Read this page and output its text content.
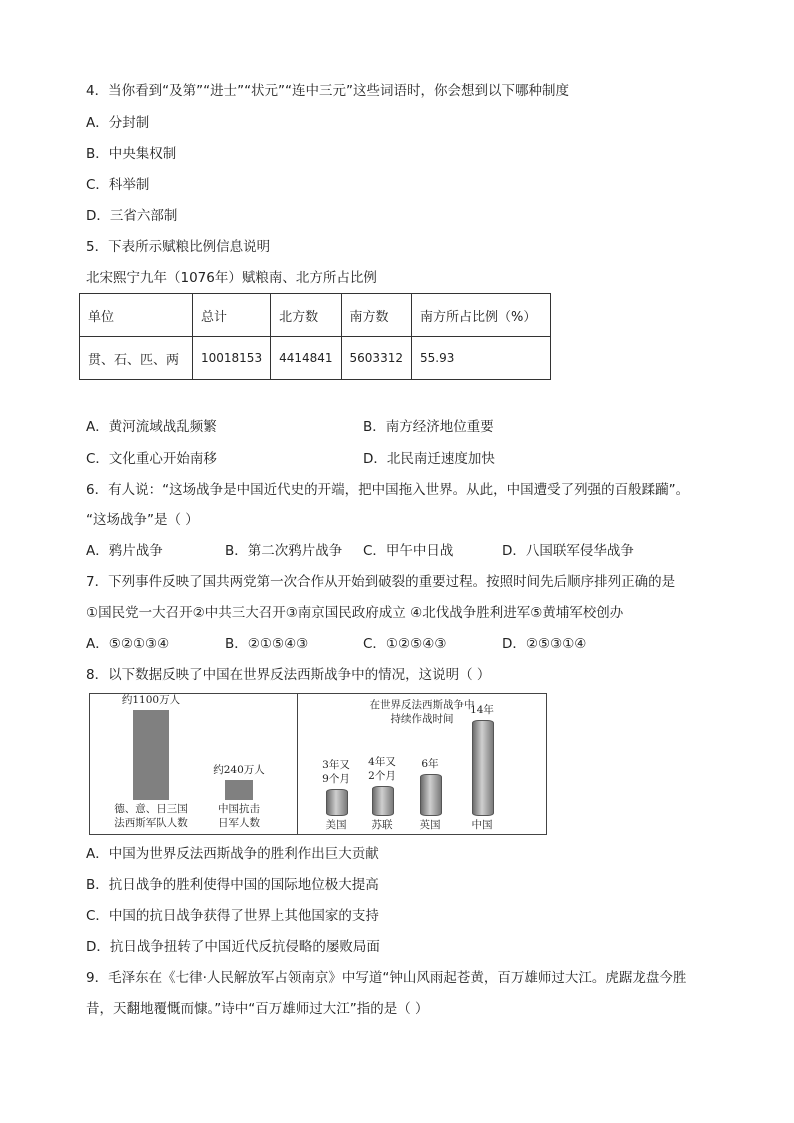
4．当你看到“及第”“进士”“状元”“连中三元”这些词语时，你会想到以下哪种制度
A．分封制
B．中央集权制
C．科举制
D．三省六部制
5．下表所示赋粮比例信息说明
北宋熙宁九年（1076年）赋粮南、北方所占比例
单位	总计	北方数	南方数	南方所占比例（%）
贯、石、匹、两	10018153	4414841	5603312	55.93
A．黄河流域战乱频繁	B．南方经济地位重要
C．文化重心开始南移	D．北民南迁速度加快
6．有人说：“这场战争是中国近代史的开端，把中国拖入世界。从此，中国遭受了列强的百般蹂躏”。
“这场战争”是（ ）
A．鸦片战争	B．第二次鸦片战争 C．甲午中日战	D．八国联军侵华战争
7．下列事件反映了国共两党第一次合作从开始到破裂的重要过程。按照时间先后顺序排列正确的是
①国民党一大召开②中共三大召开③南京国民政府成立 ④北伐战争胜利进军⑤黄埔军校创办
A．⑤②①③④	B．②①⑤④③	C．①②⑤④③	D．②⑤③①④
8．以下数据反映了中国在世界反法西斯战争中的情况，这说明（ ）
约1100万人
德、意、日三国
法西斯军队人数
约240万人
中国抗击
日军人数
在世界反法西斯战争中持续作战时间
3年又
9个月
美国
4年又
2个月
苏联
6年
英国
14年
中国
A．中国为世界反法西斯战争的胜利作出巨大贡献
B．抗日战争的胜利使得中国的国际地位极大提高
C．中国的抗日战争获得了世界上其他国家的支持
D．抗日战争扭转了中国近代反抗侵略的屡败局面
9．毛泽东在《七律·人民解放军占领南京》中写道“钟山风雨起苍黄，百万雄师过大江。虎踞龙盘今胜
昔，天翻地覆慨而慷。”诗中“百万雄师过大江”指的是（ ）
